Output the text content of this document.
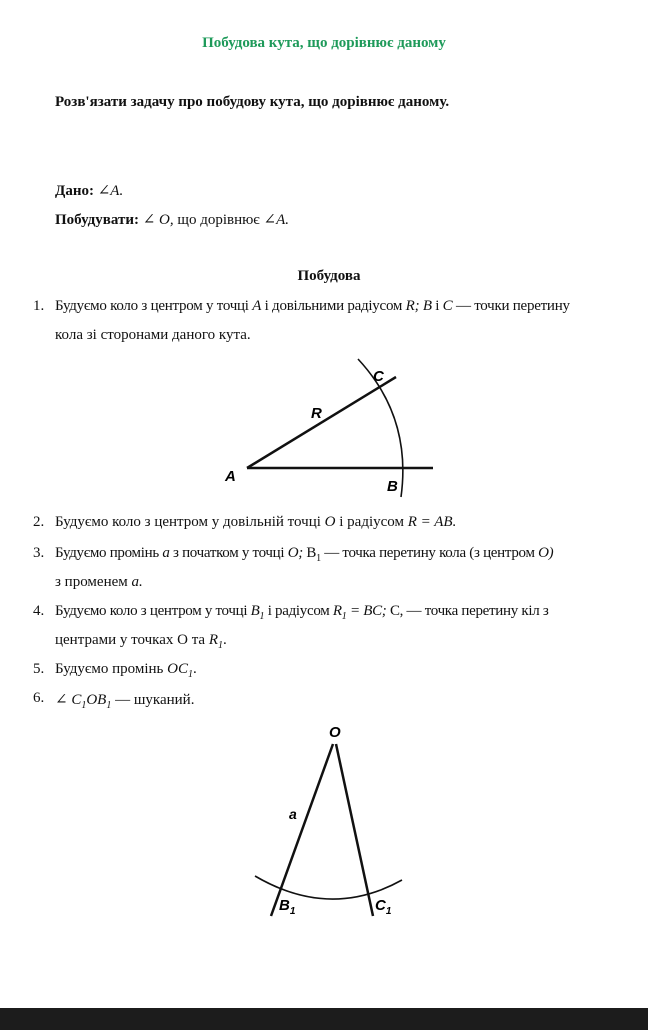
Побудова кута, що дорівнює даному
Розв'язати задачу про побудову кута, що дорівнює даному.
Дано: ∠A.
Побудувати: ∠ O, що дорівнює ∠A.
Побудова
1. Будуємо коло з центром у точці A і довільними радіусом R; B і C — точки перетину
кола зі сторонами даного кута.
A
B
C
R
2. Будуємо коло з центром у довільній точці O і радіусом R = AB.
3. Будуємо промінь a з початком у точці O; $B_1$ — точка перетину кола (з центром O)
з променем a.
4. Будуємо коло з центром у точці $B_1$ і радіусом $R_1$ = BC; C, — точка перетину кіл з
центрами у точках О та $R_1$.
5. Будуємо промінь $OC_1$.
6. ∠ $C_1OB_1$ — шуканий.
O
a
$B_1$	$C_1$
